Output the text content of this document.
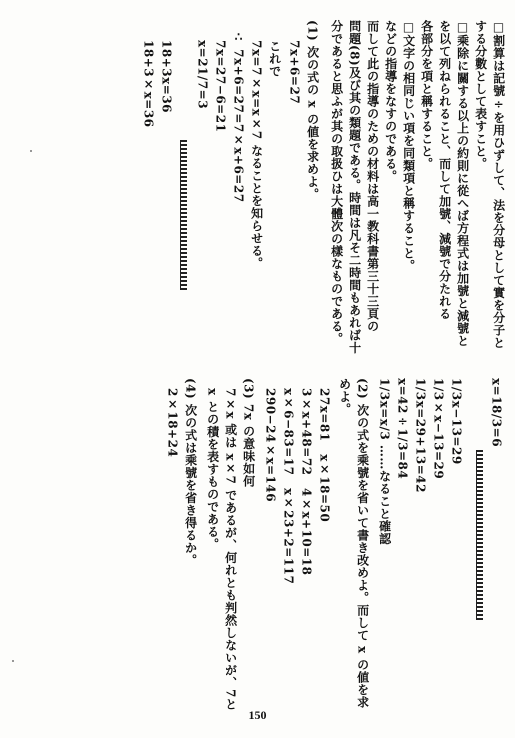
□割算は記號÷を用ひずして、法を分母として實を分子と
する分數として表すこと。
□乘除に關する以上の約則に從へば方程式は加號と減號と
を以て列ねられること、而して加號、減號で分たれる
各部分を項と稱すること。
□文字の相同じい項を同類項と稱すること。
などの指導をなすのである。
而して此の指導のための材料は高一教科書第三十三頁の
問題(8)及び其の類題である。時間は凡そ二時間もあれば十
分であると思ふが其の取扱ひは大體次の樣なものである。
(1) 次の式の x の値を求めよ。
7x+6=27
これで
7x=7×x=x×7 なることを知らせる。
∴ 7x+6=27=7×x+6=27
7x=27−6=21
x=21/7=3
18+3x=36
18+3×x=36
x=18/3=6
1/3x−13=29
1/3×x−13=29
1/3x=29+13=42
x=42÷1/3=84
1/3x=x/3 ……なること確認
(2) 次の式を乘號を省いて書き改めよ。而して x の値を求
めよ。
27x=81　x×18=50
3×x+48=72　4×x+10=18
x×6−83=17　x×23+2=117
290−24×x=146
(3) 7x の意味如何
7×x 或は x×7 であるが、何れとも判然しないが、7と
x との積を表すものである。
(4) 次の式は乘號を省き得るか。
2×18+24
150
